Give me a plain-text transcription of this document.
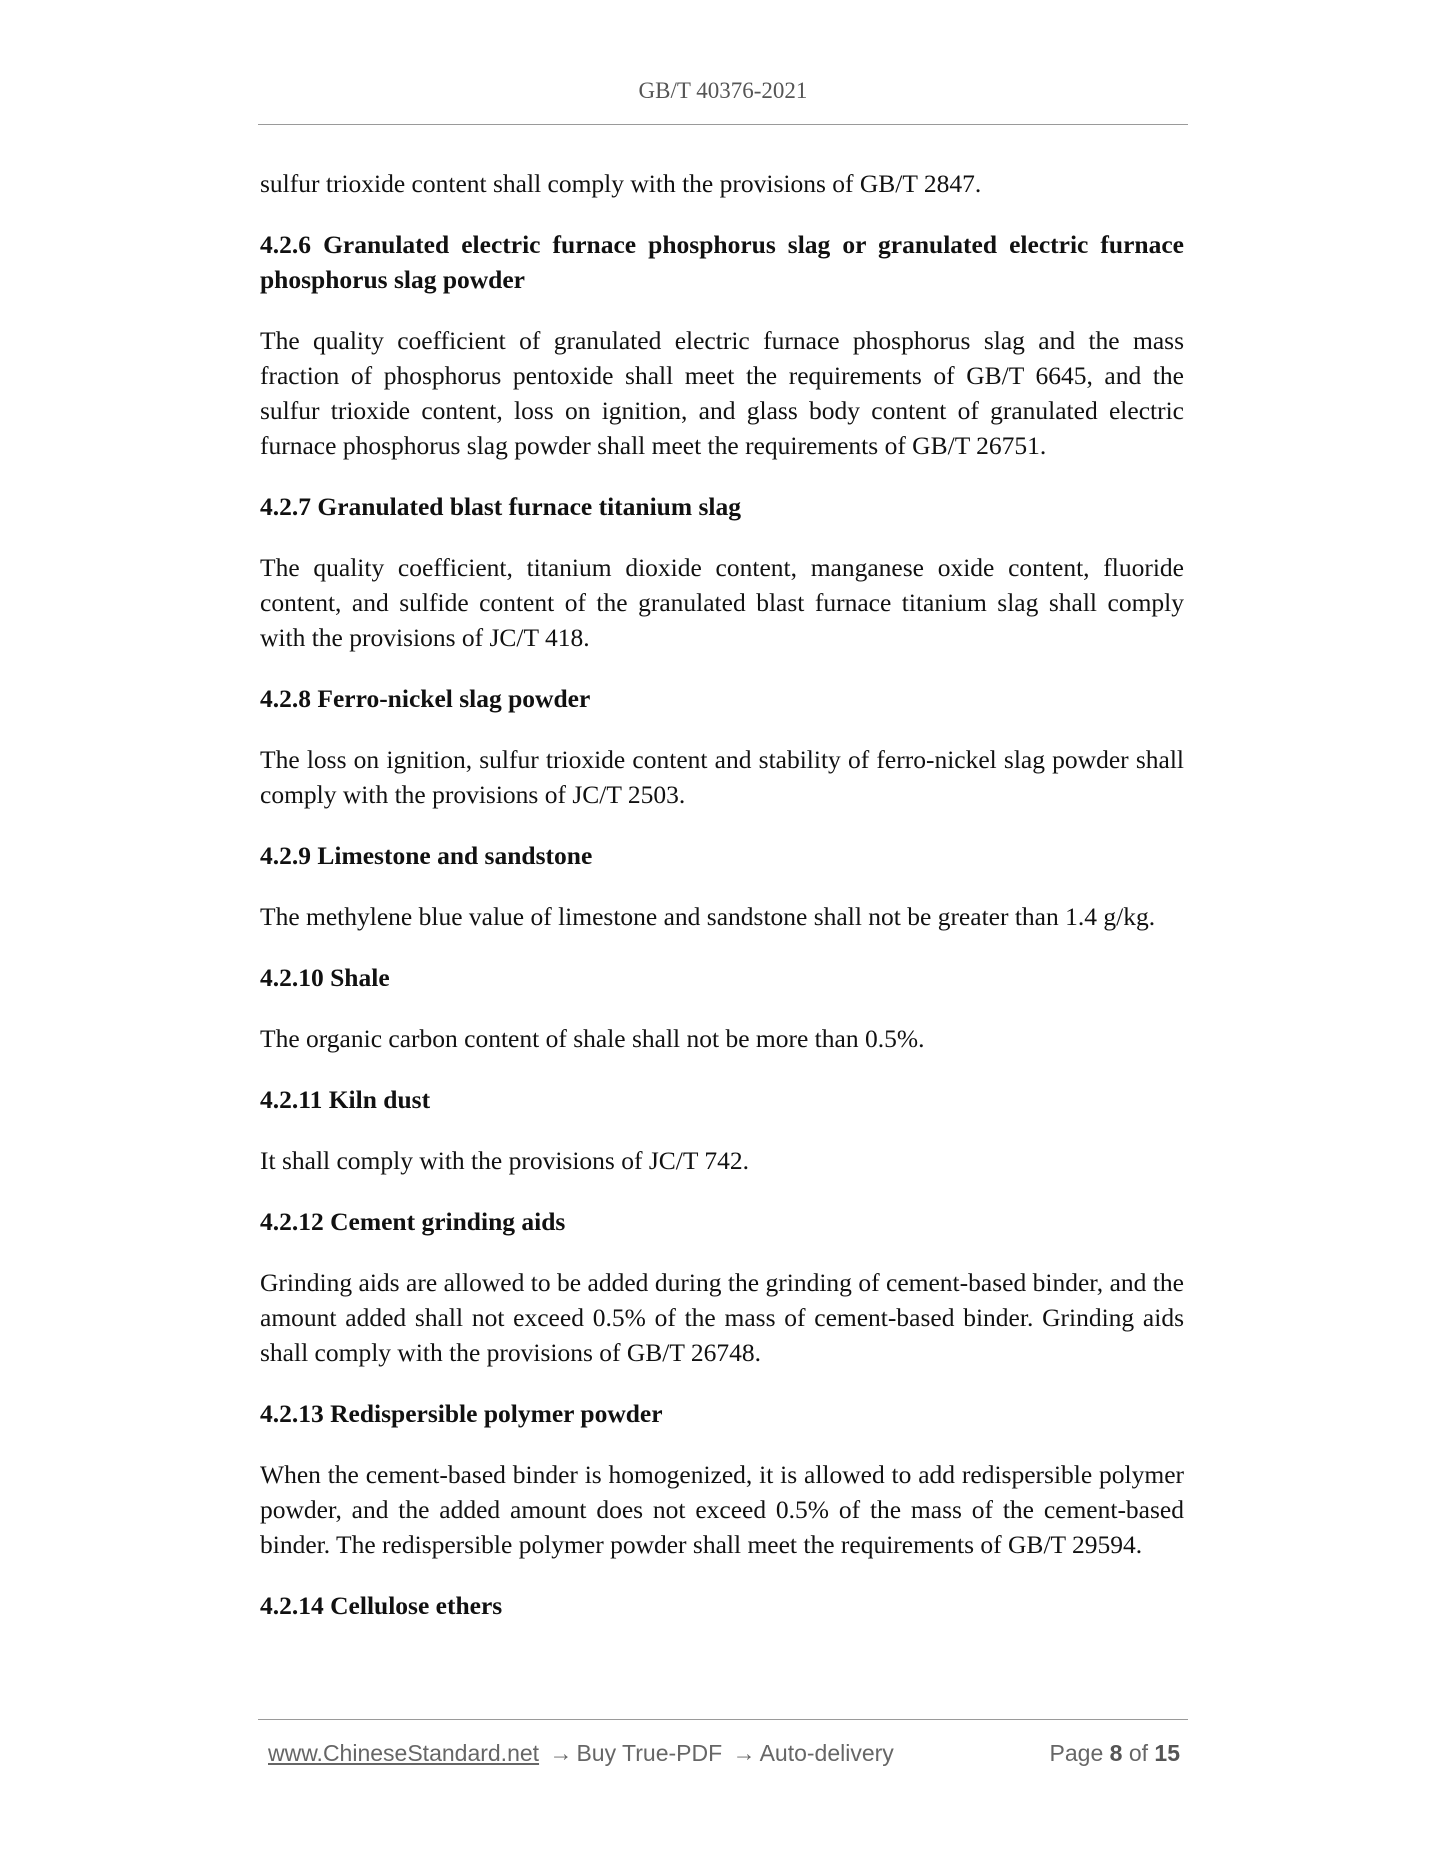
GB/T 40376-2021

sulfur trioxide content shall comply with the provisions of GB/T 2847.

4.2.6 Granulated electric furnace phosphorus slag or granulated electric furnace phosphorus slag powder

The quality coefficient of granulated electric furnace phosphorus slag and the mass fraction of phosphorus pentoxide shall meet the requirements of GB/T 6645, and the sulfur trioxide content, loss on ignition, and glass body content of granulated electric furnace phosphorus slag powder shall meet the requirements of GB/T 26751.

4.2.7 Granulated blast furnace titanium slag

The quality coefficient, titanium dioxide content, manganese oxide content, fluoride content, and sulfide content of the granulated blast furnace titanium slag shall comply with the provisions of JC/T 418.

4.2.8 Ferro-nickel slag powder

The loss on ignition, sulfur trioxide content and stability of ferro-nickel slag powder shall comply with the provisions of JC/T 2503.

4.2.9 Limestone and sandstone

The methylene blue value of limestone and sandstone shall not be greater than 1.4 g/kg.

4.2.10 Shale

The organic carbon content of shale shall not be more than 0.5%.

4.2.11 Kiln dust

It shall comply with the provisions of JC/T 742.

4.2.12 Cement grinding aids

Grinding aids are allowed to be added during the grinding of cement-based binder, and the amount added shall not exceed 0.5% of the mass of cement-based binder. Grinding aids shall comply with the provisions of GB/T 26748.

4.2.13 Redispersible polymer powder

When the cement-based binder is homogenized, it is allowed to add redispersible polymer powder, and the added amount does not exceed 0.5% of the mass of the cement-based binder. The redispersible polymer powder shall meet the requirements of GB/T 29594.

4.2.14 Cellulose ethers
www.ChineseStandard.net → Buy True-PDF → Auto-delivery	Page 8 of 15
